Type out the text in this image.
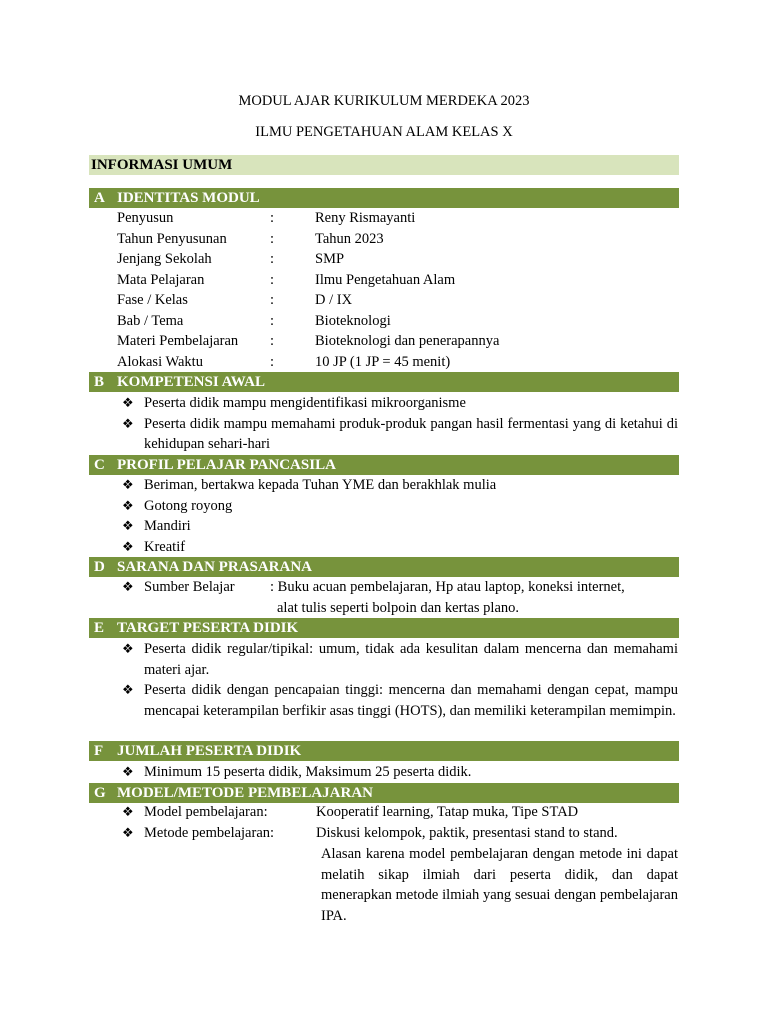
MODUL AJAR KURIKULUM MERDEKA 2023
ILMU PENGETAHUAN ALAM KELAS X
INFORMASI UMUM
A IDENTITAS MODUL
Penyusun	:	Reny Rismayanti
Tahun Penyusunan	:	Tahun 2023
Jenjang Sekolah	:	SMP
Mata Pelajaran	:	Ilmu Pengetahuan Alam
Fase / Kelas	:	D / IX
Bab / Tema	:	Bioteknologi
Materi Pembelajaran :	Bioteknologi dan penerapannya
Alokasi Waktu	:	10 JP (1 JP = 45 menit)
B KOMPETENSI AWAL
❖ Peserta didik mampu mengidentifikasi mikroorganisme
❖ Peserta didik mampu memahami produk-produk pangan hasil fermentasi yang di ketahui di kehidupan sehari-hari
C PROFIL PELAJAR PANCASILA
❖ Beriman, bertakwa kepada Tuhan YME dan berakhlak mulia
❖ Gotong royong
❖ Mandiri
❖ Kreatif
D SARANA DAN PRASARANA
❖ Sumber Belajar	: Buku acuan pembelajaran, Hp atau laptop, koneksi internet,
alat tulis seperti bolpoin dan kertas plano.
E TARGET PESERTA DIDIK
❖ Peserta didik regular/tipikal: umum, tidak ada kesulitan dalam mencerna dan memahami materi ajar.
❖ Peserta didik dengan pencapaian tinggi: mencerna dan memahami dengan cepat, mampu mencapai keterampilan berfikir asas tinggi (HOTS), dan memiliki keterampilan memimpin.
F JUMLAH PESERTA DIDIK
❖ Minimum 15 peserta didik, Maksimum 25 peserta didik.
G MODEL/METODE PEMBELAJARAN
❖ Model pembelajaran:	Kooperatif learning, Tatap muka, Tipe STAD
❖ Metode pembelajaran:	Diskusi kelompok, paktik, presentasi stand to stand.
Alasan karena model pembelajaran dengan metode ini dapat melatih sikap ilmiah dari peserta didik, dan dapat menerapkan metode ilmiah yang sesuai dengan pembelajaran IPA.
